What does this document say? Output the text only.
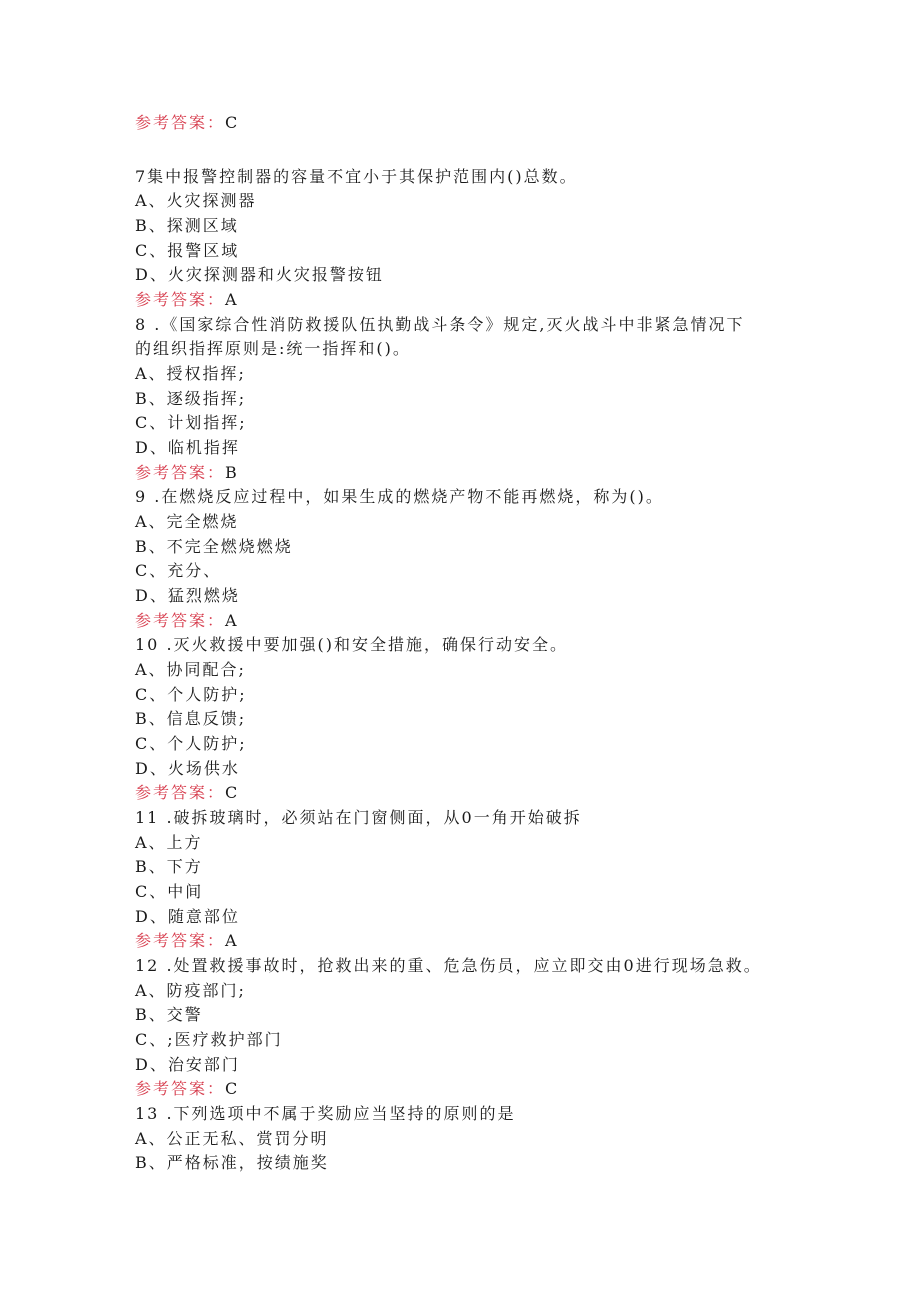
参考答案：C
7集中报警控制器的容量不宜小于其保护范围内()总数。
A、火灾探测器
B、探测区域
C、报警区域
D、火灾探测器和火灾报警按钮
参考答案：A
8 .《国家综合性消防救援队伍执勤战斗条令》规定,灭火战斗中非紧急情况下
的组织指挥原则是:统一指挥和()。
A、授权指挥;
B、逐级指挥;
C、计划指挥;
D、临机指挥
参考答案：B
9 .在燃烧反应过程中，如果生成的燃烧产物不能再燃烧，称为()。
A、完全燃烧
B、不完全燃烧燃烧
C、充分、
D、猛烈燃烧
参考答案：A
10 .灭火救援中要加强()和安全措施，确保行动安全。
A、协同配合;
C、个人防护;
B、信息反馈;
C、个人防护;
D、火场供水
参考答案：C
11 .破拆玻璃时，必须站在门窗侧面，从0一角开始破拆
A、上方
B、下方
C、中间
D、随意部位
参考答案：A
12 .处置救援事故时，抢救出来的重、危急伤员，应立即交由0进行现场急救。
A、防疫部门;
B、交警
C、;医疗救护部门
D、治安部门
参考答案：C
13 .下列选项中不属于奖励应当坚持的原则的是
A、公正无私、赏罚分明
B、严格标准，按绩施奖
